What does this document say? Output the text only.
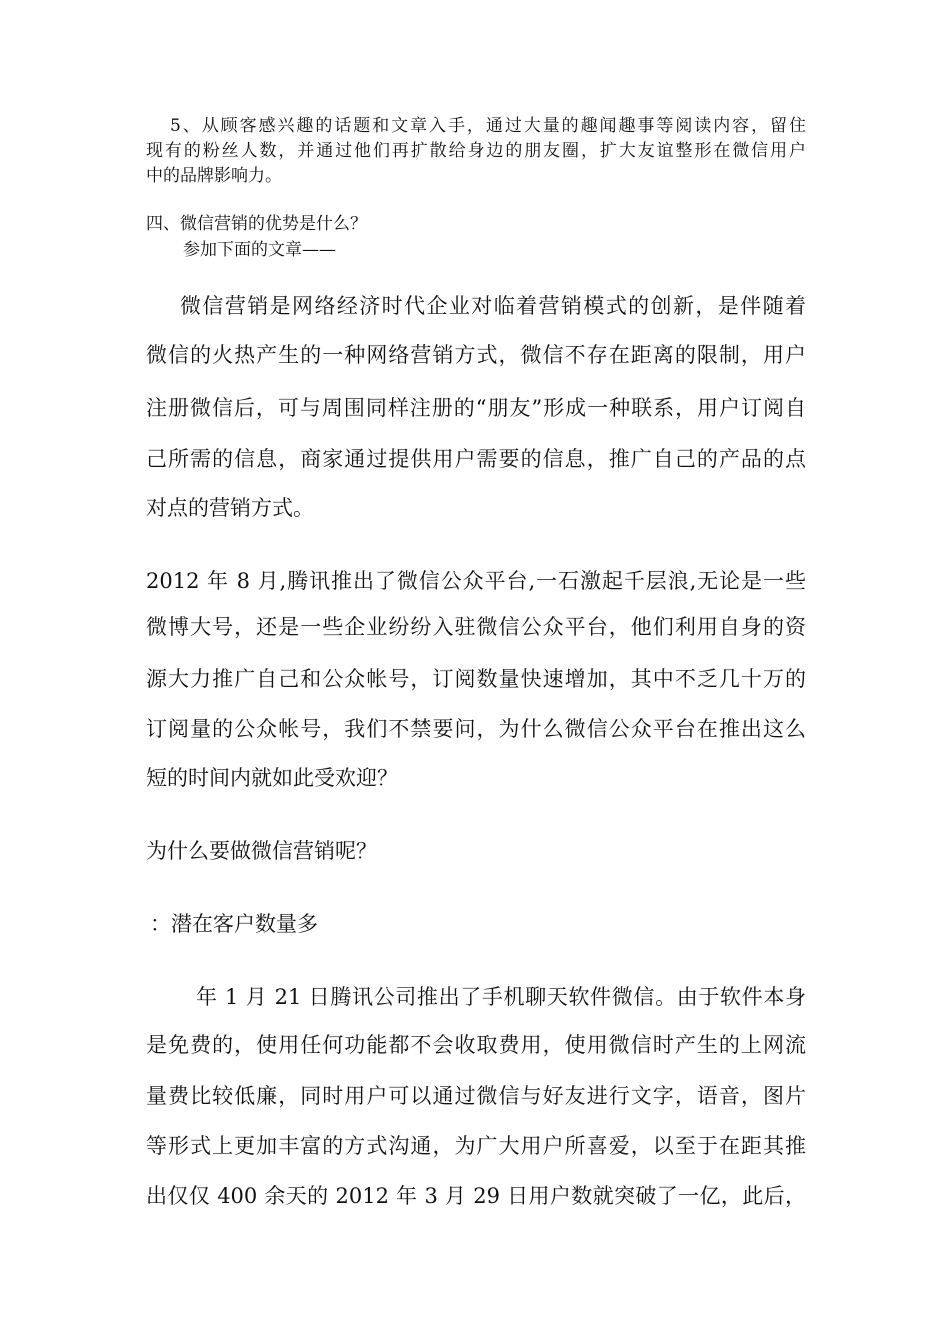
5、从顾客感兴趣的话题和文章入手，通过大量的趣闻趣事等阅读内容，留住

现有的粉丝人数，并通过他们再扩散给身边的朋友圈，扩大友谊整形在微信用户

中的品牌影响力。

四、微信营销的优势是什么？

参加下面的文章——

微信营销是网络经济时代企业对临着营销模式的创新，是伴随着

微信的火热产生的一种网络营销方式，微信不存在距离的限制，用户

注册微信后，可与周围同样注册的“朋友”形成一种联系，用户订阅自

己所需的信息，商家通过提供用户需要的信息，推广自己的产品的点

对点的营销方式。

2012 年 8 月,腾讯推出了微信公众平台,一石激起千层浪,无论是一些

微博大号，还是一些企业纷纷入驻微信公众平台，他们利用自身的资

源大力推广自己和公众帐号，订阅数量快速增加，其中不乏几十万的

订阅量的公众帐号，我们不禁要问，为什么微信公众平台在推出这么

短的时间内就如此受欢迎？

为什么要做微信营销呢？

：潜在客户数量多

年 1 月 21 日腾讯公司推出了手机聊天软件微信。由于软件本身

是免费的，使用任何功能都不会收取费用，使用微信时产生的上网流

量费比较低廉，同时用户可以通过微信与好友进行文字，语音，图片

等形式上更加丰富的方式沟通，为广大用户所喜爱，以至于在距其推

出仅仅 400 余天的 2012 年 3 月 29 日用户数就突破了一亿，此后，
